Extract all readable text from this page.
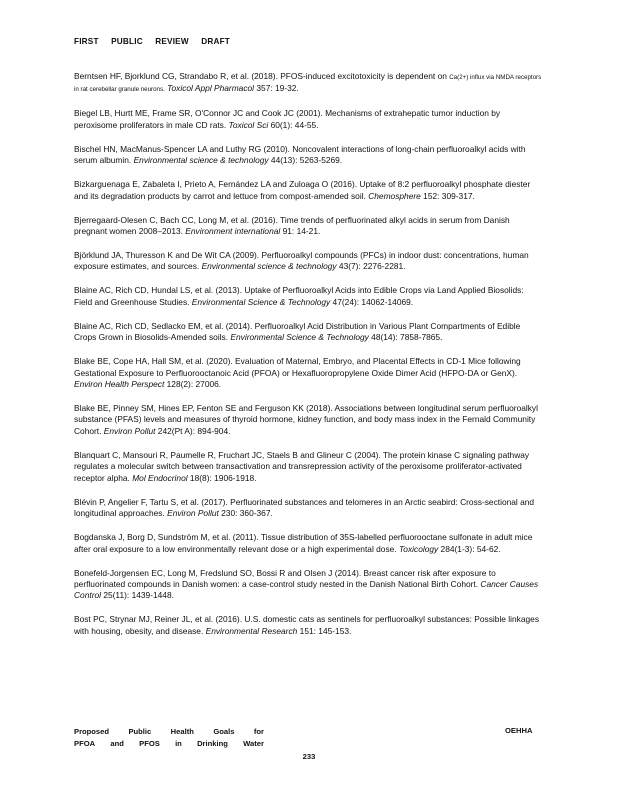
FIRST PUBLIC REVIEW DRAFT

Berntsen HF, Bjorklund CG, Strandabo R, et al. (2018). PFOS-induced excitotoxicity is dependent on Ca(2+) influx via NMDA receptors in rat cerebellar granule neurons. Toxicol Appl Pharmacol 357: 19-32.

Biegel LB, Hurtt ME, Frame SR, O'Connor JC and Cook JC (2001). Mechanisms of extrahepatic tumor induction by peroxisome proliferators in male CD rats. Toxicol Sci 60(1): 44-55.

Bischel HN, MacManus-Spencer LA and Luthy RG (2010). Noncovalent interactions of long-chain perfluoroalkyl acids with serum albumin. Environmental science & technology 44(13): 5263-5269.

Bizkarguenaga E, Zabaleta I, Prieto A, Fernández LA and Zuloaga O (2016). Uptake of 8:2 perfluoroalkyl phosphate diester and its degradation products by carrot and lettuce from compost-amended soil. Chemosphere 152: 309-317.

Bjerregaard-Olesen C, Bach CC, Long M, et al. (2016). Time trends of perfluorinated alkyl acids in serum from Danish pregnant women 2008–2013. Environment international 91: 14-21.

Björklund JA, Thuresson K and De Wit CA (2009). Perfluoroalkyl compounds (PFCs) in indoor dust: concentrations, human exposure estimates, and sources. Environmental science & technology 43(7): 2276-2281.

Blaine AC, Rich CD, Hundal LS, et al. (2013). Uptake of Perfluoroalkyl Acids into Edible Crops via Land Applied Biosolids: Field and Greenhouse Studies. Environmental Science & Technology 47(24): 14062-14069.

Blaine AC, Rich CD, Sedlacko EM, et al. (2014). Perfluoroalkyl Acid Distribution in Various Plant Compartments of Edible Crops Grown in Biosolids-Amended soils. Environmental Science & Technology 48(14): 7858-7865.

Blake BE, Cope HA, Hall SM, et al. (2020). Evaluation of Maternal, Embryo, and Placental Effects in CD-1 Mice following Gestational Exposure to Perfluorooctanoic Acid (PFOA) or Hexafluoropropylene Oxide Dimer Acid (HFPO-DA or GenX). Environ Health Perspect 128(2): 27006.

Blake BE, Pinney SM, Hines EP, Fenton SE and Ferguson KK (2018). Associations between longitudinal serum perfluoroalkyl substance (PFAS) levels and measures of thyroid hormone, kidney function, and body mass index in the Fernald Community Cohort. Environ Pollut 242(Pt A): 894-904.

Blanquart C, Mansouri R, Paumelle R, Fruchart JC, Staels B and Glineur C (2004). The protein kinase C signaling pathway regulates a molecular switch between transactivation and transrepression activity of the peroxisome proliferator-activated receptor alpha. Mol Endocrinol 18(8): 1906-1918.

Blévin P, Angelier F, Tartu S, et al. (2017). Perfluorinated substances and telomeres in an Arctic seabird: Cross-sectional and longitudinal approaches. Environ Pollut 230: 360-367.

Bogdanska J, Borg D, Sundström M, et al. (2011). Tissue distribution of 35S-labelled perfluorooctane sulfonate in adult mice after oral exposure to a low environmentally relevant dose or a high experimental dose. Toxicology 284(1-3): 54-62.

Bonefeld-Jorgensen EC, Long M, Fredslund SO, Bossi R and Olsen J (2014). Breast cancer risk after exposure to perfluorinated compounds in Danish women: a case-control study nested in the Danish National Birth Cohort. Cancer Causes Control 25(11): 1439-1448.

Bost PC, Strynar MJ, Reiner JL, et al. (2016). U.S. domestic cats as sentinels for perfluoroalkyl substances: Possible linkages with housing, obesity, and disease. Environmental Research 151: 145-153.

Proposed	Public	Health	Goals	for
PFOA and PFOS in Drinking Water
OEHHA
233
